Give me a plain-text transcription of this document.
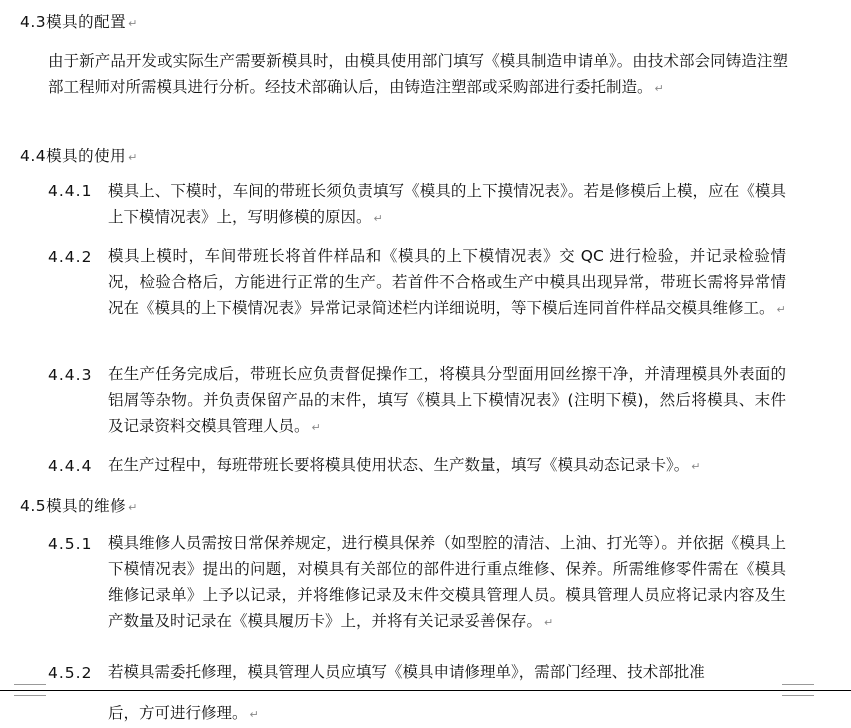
4.3模具的配置 ↵
由于新产品开发或实际生产需要新模具时，由模具使用部门填写《模具制造申请单》。由技术部会同铸造注塑部工程师对所需模具进行分析。经技术部确认后，由铸造注塑部或采购部进行委托制造。 ↵
4.4模具的使用 ↵
4.4.1 模具上、下模时，车间的带班长须负责填写《模具的上下摸情况表》。若是修模后上模，应在《模具上下模情况表》上，写明修模的原因。 ↵
4.4.2 模具上模时，车间带班长将首件样品和《模具的上下模情况表》交 QC 进行检验，并记录检验情况，检验合格后，方能进行正常的生产。若首件不合格或生产中模具出现异常，带班长需将异常情况在《模具的上下模情况表》异常记录简述栏内详细说明，等下模后连同首件样品交模具维修工。 ↵
4.4.3 在生产任务完成后，带班长应负责督促操作工，将模具分型面用回丝擦干净，并清理模具外表面的铝屑等杂物。并负责保留产品的末件，填写《模具上下模情况表》(注明下模)，然后将模具、末件及记录资料交模具管理人员。 ↵
4.4.4 在生产过程中，每班带班长要将模具使用状态、生产数量，填写《模具动态记录卡》。 ↵
4.5模具的维修 ↵
4.5.1 模具维修人员需按日常保养规定，进行模具保养（如型腔的清洁、上油、打光等）。并依据《模具上下模情况表》提出的问题，对模具有关部位的部件进行重点维修、保养。所需维修零件需在《模具维修记录单》上予以记录，并将维修记录及末件交模具管理人员。模具管理人员应将记录内容及生产数量及时记录在《模具履历卡》上，并将有关记录妥善保存。 ↵
4.5.2 若模具需委托修理，模具管理人员应填写《模具申请修理单》，需部门经理、技术部批准
后，方可进行修理。 ↵
